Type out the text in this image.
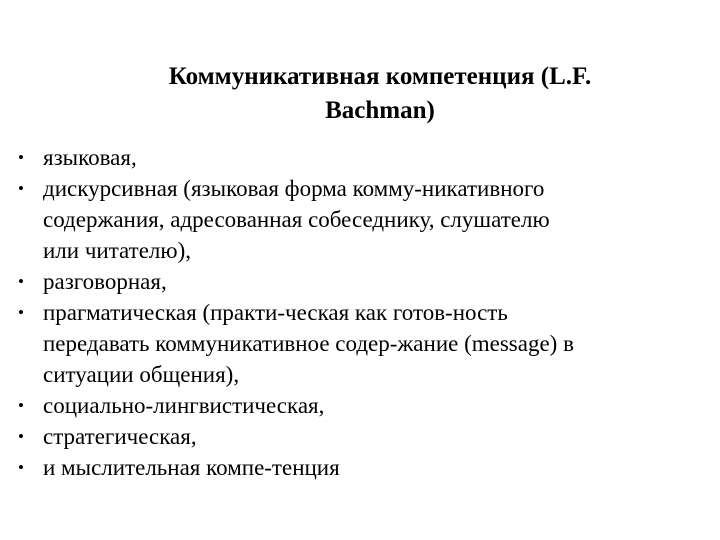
Коммуникативная компетенция (L.F.
Bachman)
• языковая,
• дискурсивная (языковая форма комму-никативного
содержания, адресованная собеседнику, слушателю
или читателю),
• разговорная,
• прагматическая (практи-ческая как готов-ность
передавать коммуникативное содер-жание (message) в
ситуации общения),
• социально-лингвистическая,
• стратегическая,
• и мыслительная компе-тенция
